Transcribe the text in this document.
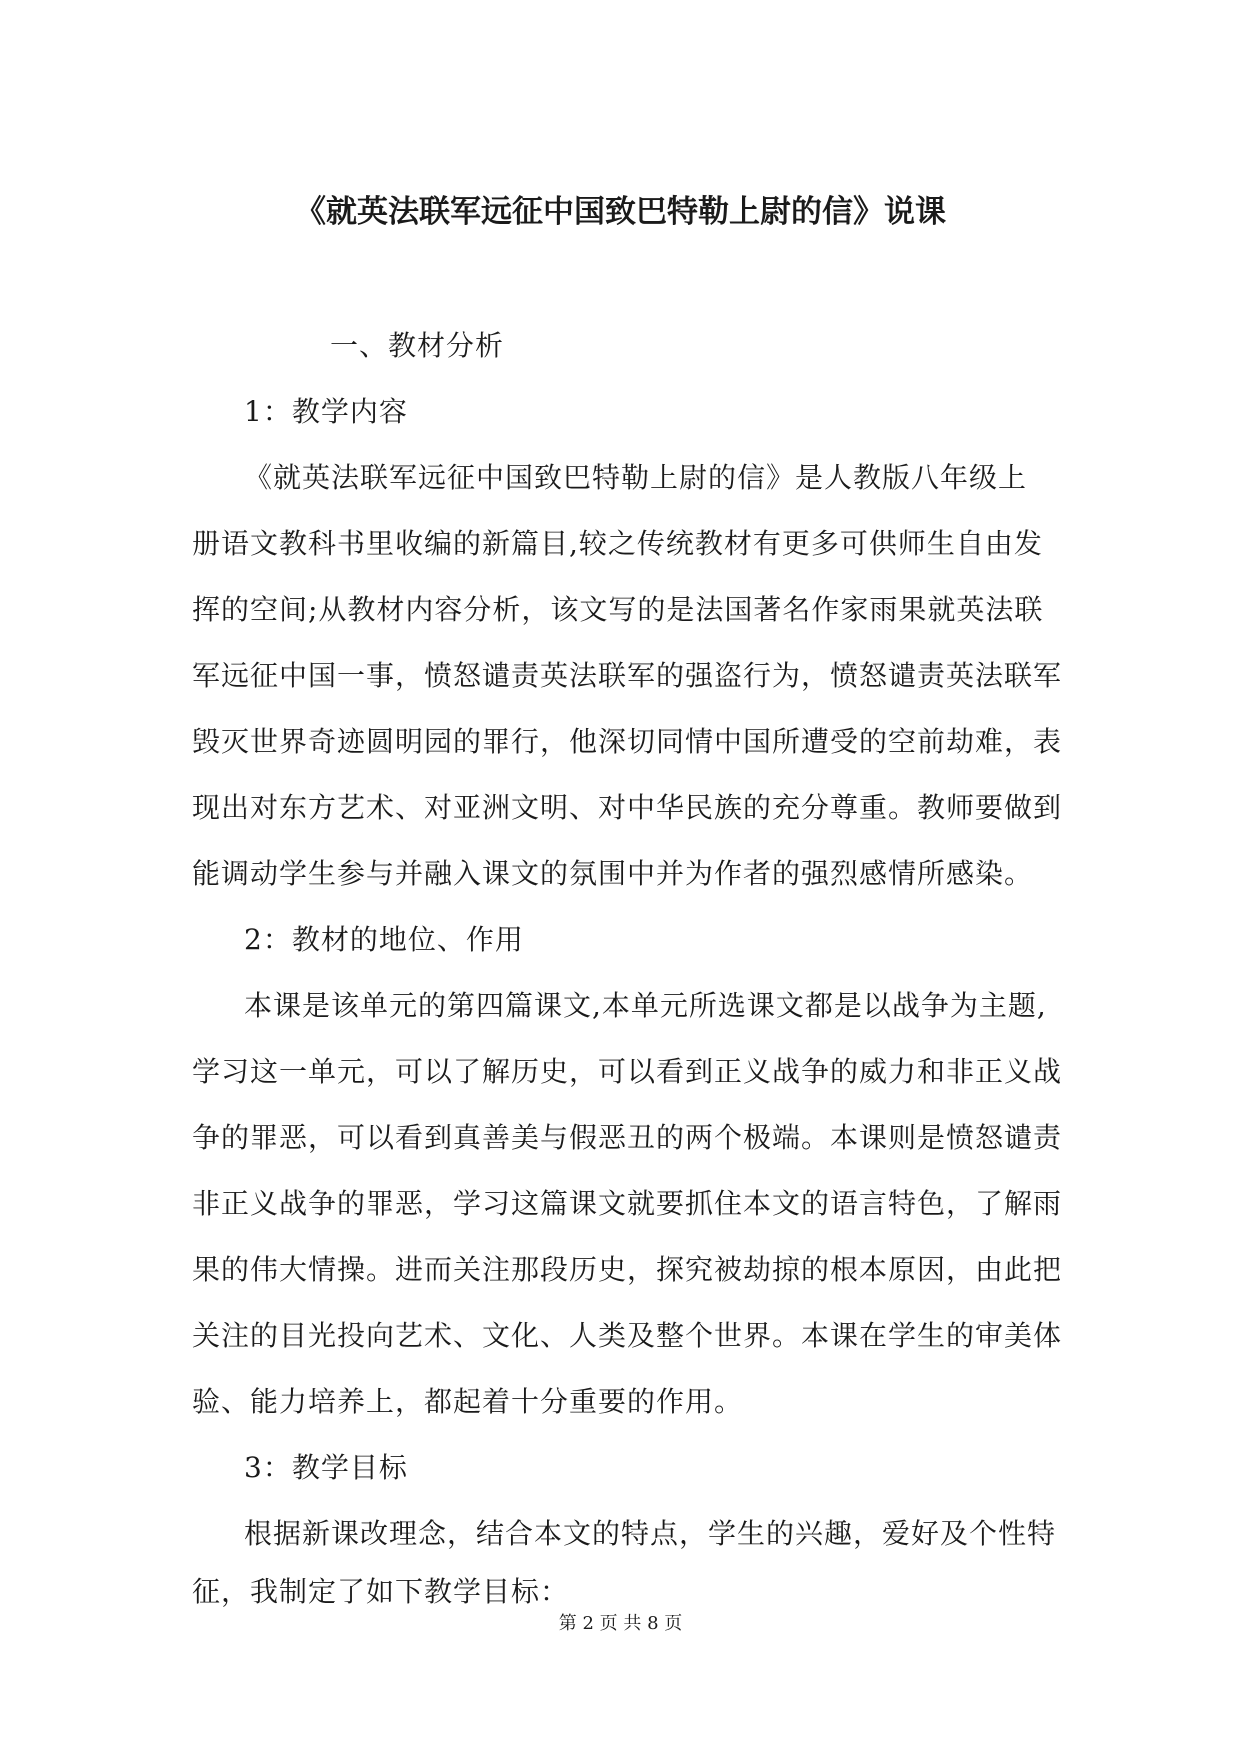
《就英法联军远征中国致巴特勒上尉的信》说课
一、教材分析
1：教学内容
《就英法联军远征中国致巴特勒上尉的信》是人教版八年级上
册语文教科书里收编的新篇目,较之传统教材有更多可供师生自由发
挥的空间;从教材内容分析，该文写的是法国著名作家雨果就英法联
军远征中国一事，愤怒谴责英法联军的强盗行为，愤怒谴责英法联军
毁灭世界奇迹圆明园的罪行，他深切同情中国所遭受的空前劫难，表
现出对东方艺术、对亚洲文明、对中华民族的充分尊重。教师要做到
能调动学生参与并融入课文的氛围中并为作者的强烈感情所感染。
2：教材的地位、作用
本课是该单元的第四篇课文,本单元所选课文都是以战争为主题,
学习这一单元，可以了解历史，可以看到正义战争的威力和非正义战
争的罪恶，可以看到真善美与假恶丑的两个极端。本课则是愤怒谴责
非正义战争的罪恶，学习这篇课文就要抓住本文的语言特色，了解雨
果的伟大情操。进而关注那段历史，探究被劫掠的根本原因，由此把
关注的目光投向艺术、文化、人类及整个世界。本课在学生的审美体
验、能力培养上，都起着十分重要的作用。
3：教学目标
根据新课改理念，结合本文的特点，学生的兴趣，爱好及个性特
征，我制定了如下教学目标：
第 2 页 共 8 页
